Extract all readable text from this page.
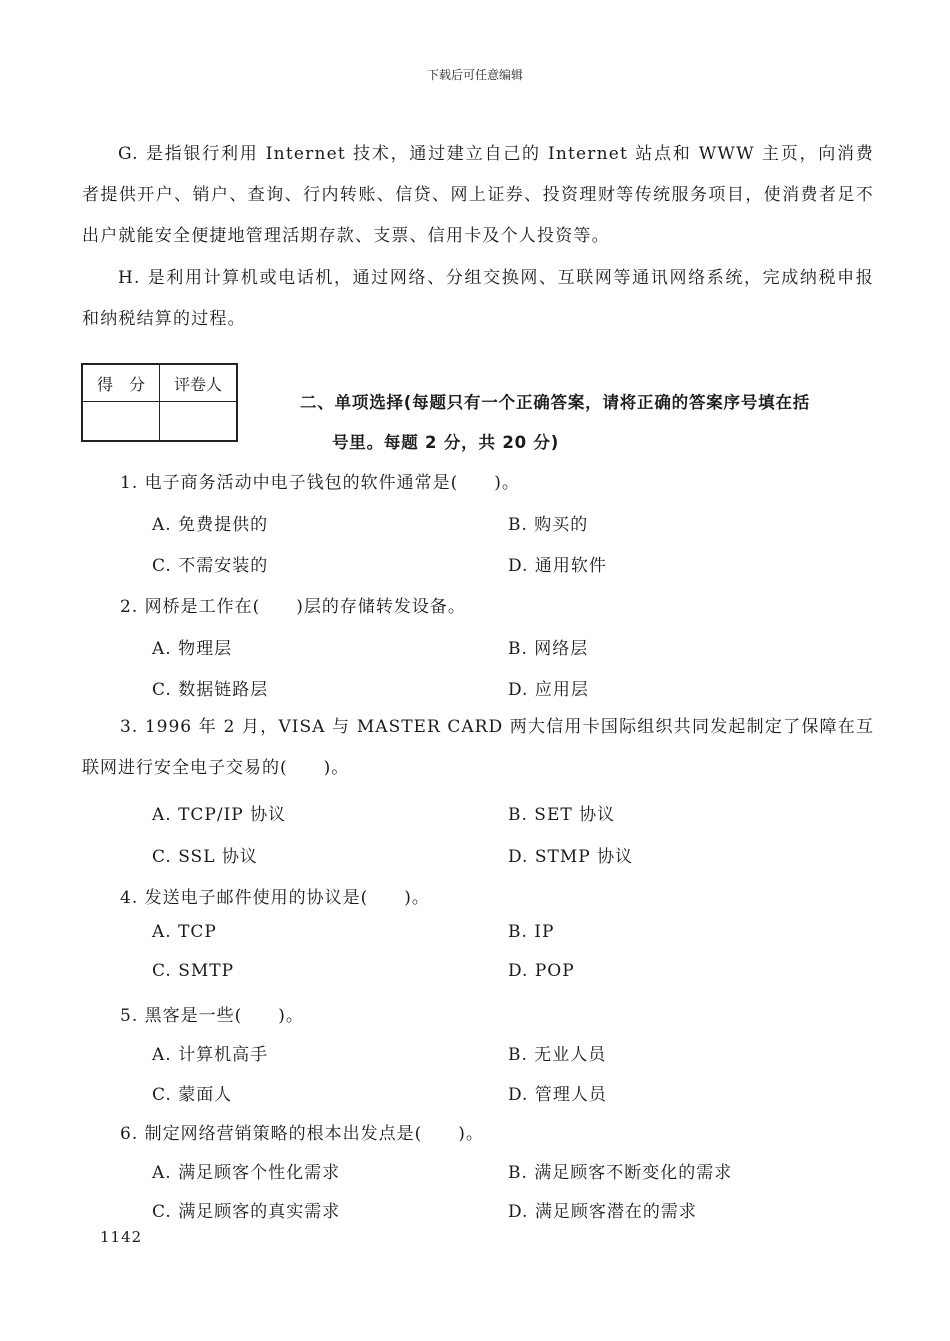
下载后可任意编辑
G. 是指银行利用 Internet 技术，通过建立自己的 Internet 站点和 WWW 主页，向消费者提供开户、销户、查询、行内转账、信贷、网上证券、投资理财等传统服务项目，使消费者足不出户就能安全便捷地管理活期存款、支票、信用卡及个人投资等。
H. 是利用计算机或电话机，通过网络、分组交换网、互联网等通讯网络系统，完成纳税申报和纳税结算的过程。
得　分	评卷人

二、单项选择(每题只有一个正确答案，请将正确的答案序号填在括
号里。每题 2 分，共 20 分)
1. 电子商务活动中电子钱包的软件通常是(　　)。
A. 免费提供的	B. 购买的
C. 不需安装的	D. 通用软件
2. 网桥是工作在(　　)层的存储转发设备。
A. 物理层	B. 网络层
C. 数据链路层	D. 应用层
3. 1996 年 2 月，VISA 与 MASTER CARD 两大信用卡国际组织共同发起制定了保障在互联网进行安全电子交易的(　　)。
A. TCP/IP 协议	B. SET 协议
C. SSL 协议	D. STMP 协议
4. 发送电子邮件使用的协议是(　　)。
A. TCP	B. IP
C. SMTP	D. POP
5. 黑客是一些(　　)。
A. 计算机高手	B. 无业人员
C. 蒙面人	D. 管理人员
6. 制定网络营销策略的根本出发点是(　　)。
A. 满足顾客个性化需求	B. 满足顾客不断变化的需求
C. 满足顾客的真实需求	D. 满足顾客潜在的需求
1142
